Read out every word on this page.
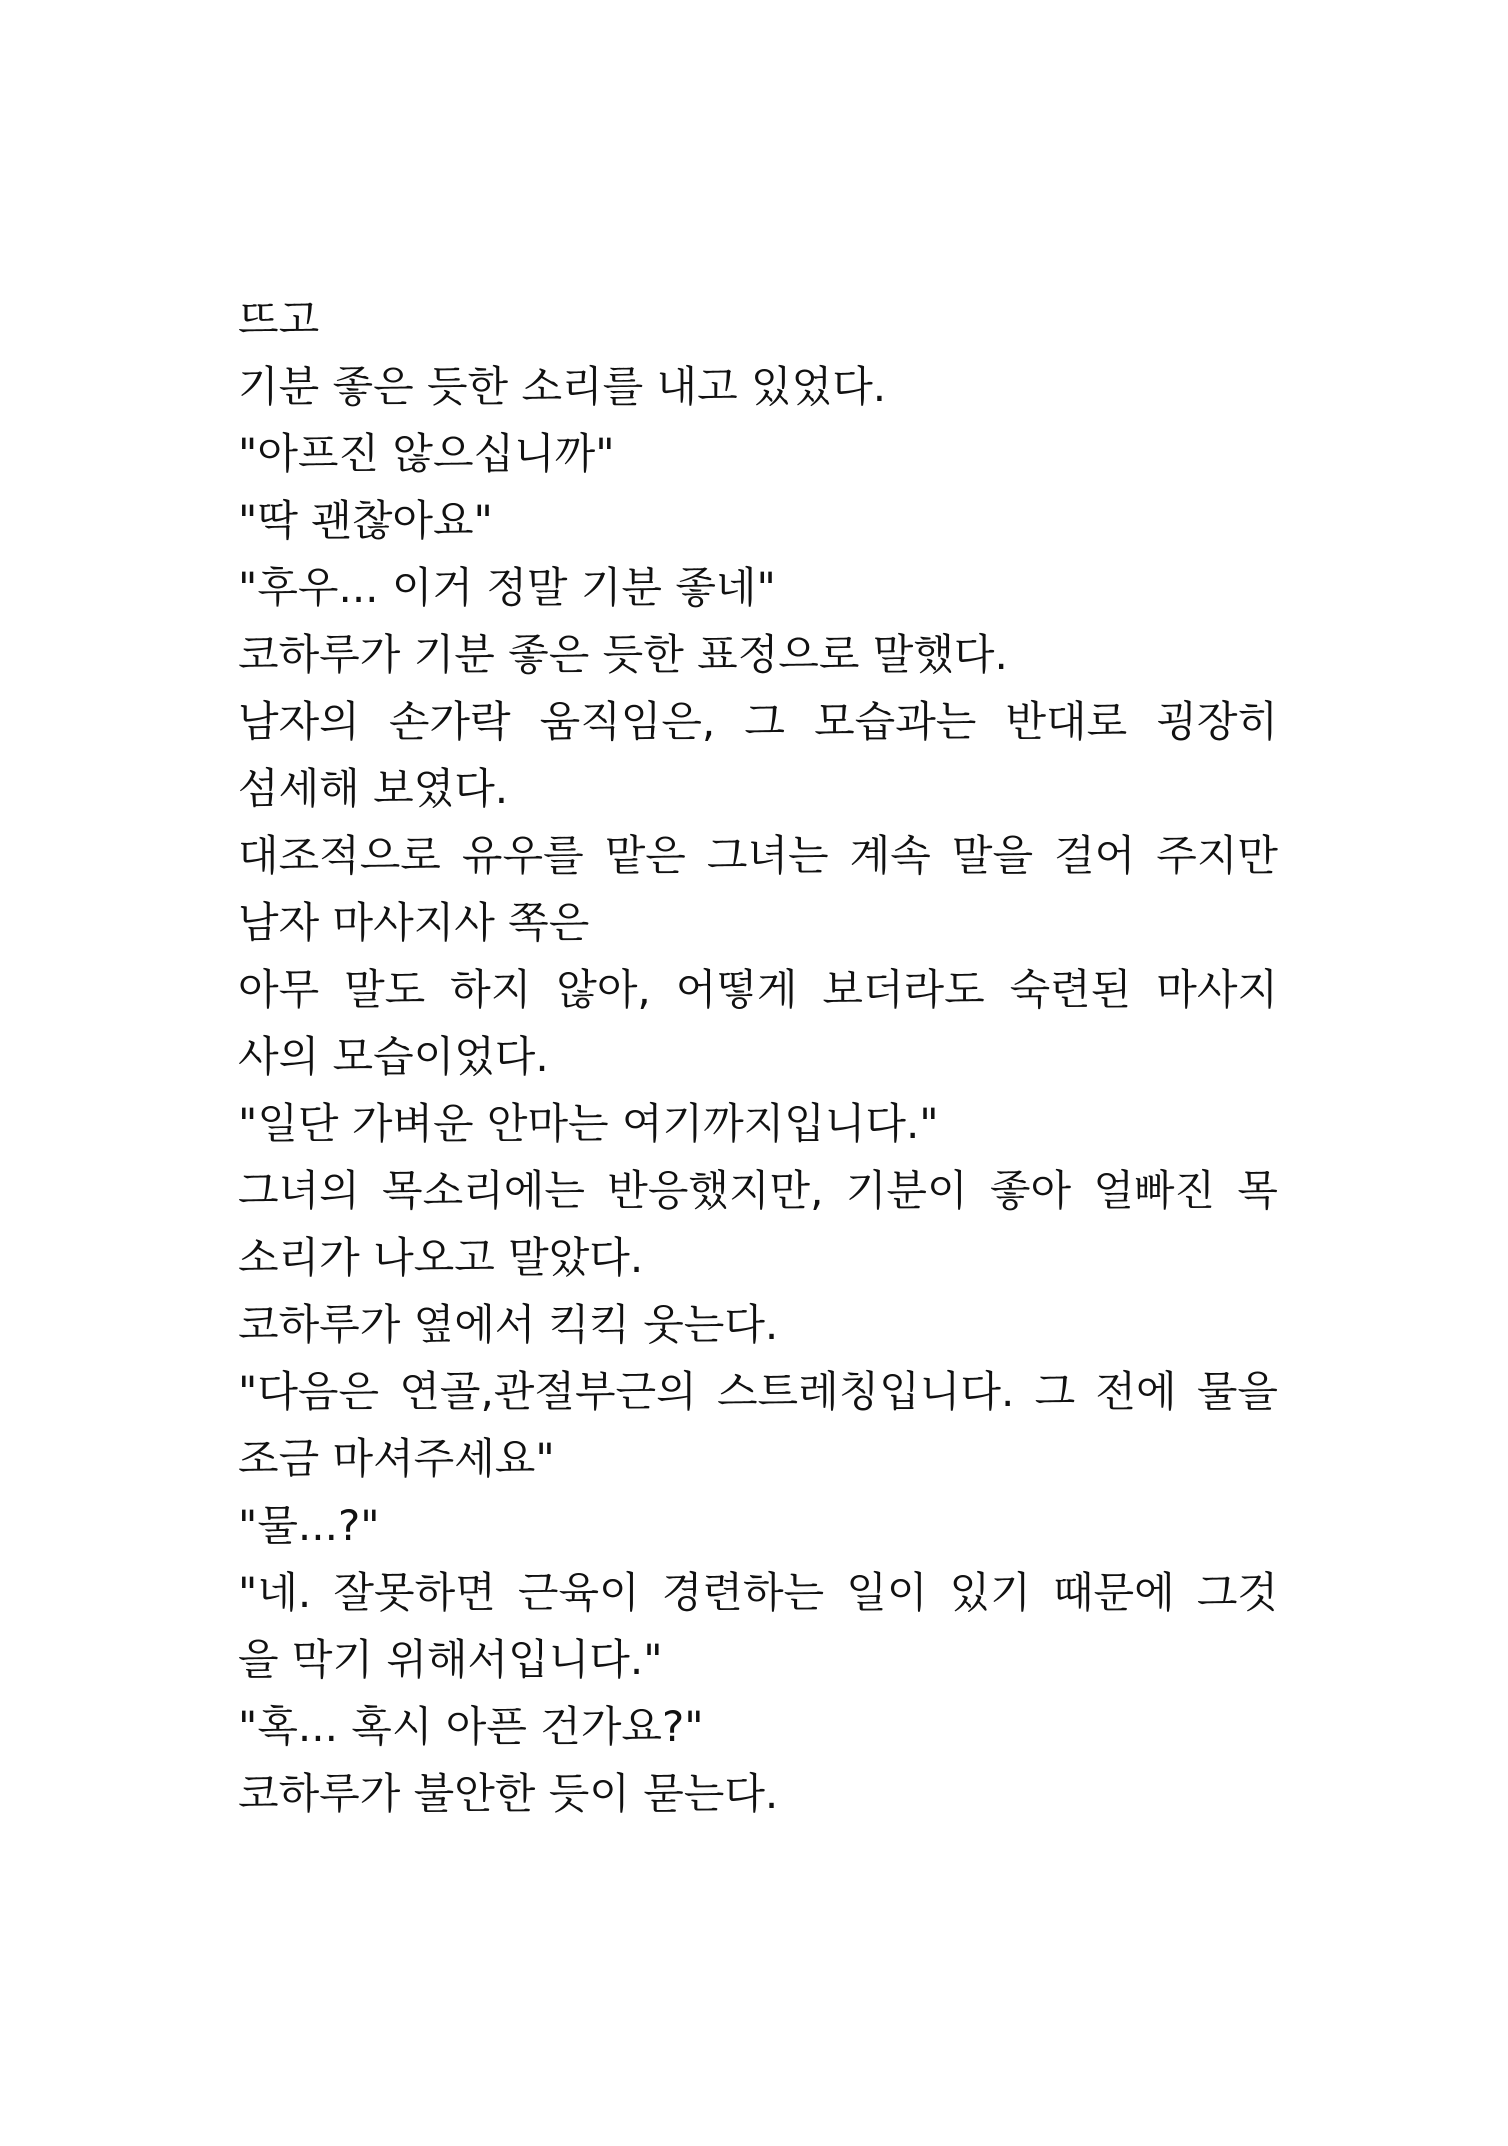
뜨고
기분 좋은 듯한 소리를 내고 있었다.
"아프진 않으십니까"
"딱 괜찮아요"
"후우... 이거 정말 기분 좋네"
코하루가 기분 좋은 듯한 표정으로 말했다.
남자의 손가락 움직임은, 그 모습과는 반대로 굉장히
섬세해 보였다.
대조적으로 유우를 맡은 그녀는 계속 말을 걸어 주지만
남자 마사지사 쪽은
아무 말도 하지 않아, 어떻게 보더라도 숙련된 마사지
사의 모습이었다.
"일단 가벼운 안마는 여기까지입니다."
그녀의 목소리에는 반응했지만, 기분이 좋아 얼빠진 목
소리가 나오고 말았다.
코하루가 옆에서 킥킥 웃는다.
"다음은 연골,관절부근의 스트레칭입니다. 그 전에 물을
조금 마셔주세요"
"물...?"
"네. 잘못하면 근육이 경련하는 일이 있기 때문에 그것
을 막기 위해서입니다."
"혹... 혹시 아픈 건가요?"
코하루가 불안한 듯이 묻는다.
